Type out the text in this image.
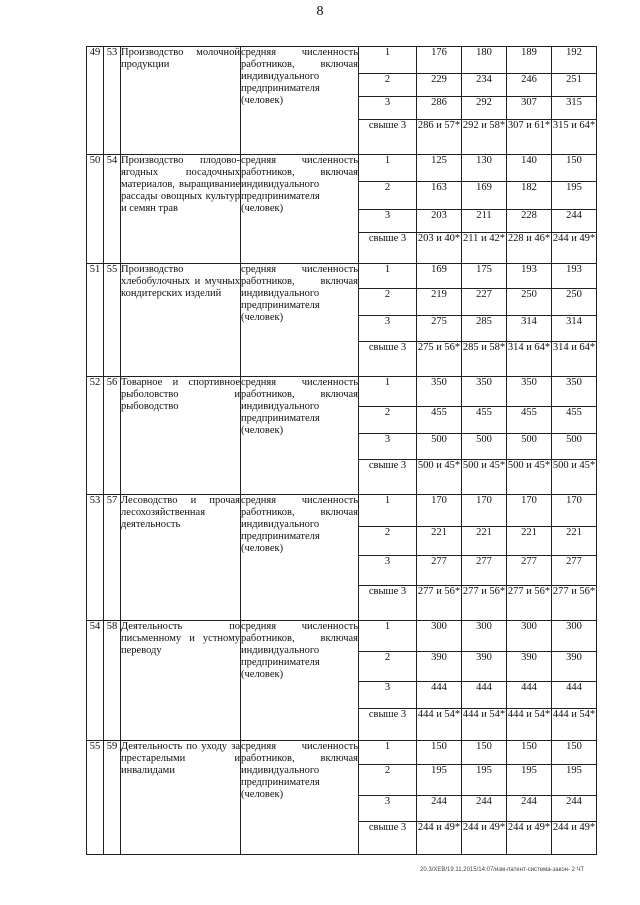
8
49	53	Производство молочной продукции	средняя численность работников, включая индивидуального предпринимателя (человек)	1	176	180	189	192
				2	229	234	246	251
				3	286	292	307	315
				свыше 3	286 и 57*	292 и 58*	307 и 61*	315 и 64*
50	54	Производство плодово-ягодных посадочных материалов, выращивание рассады овощных культур и семян трав	средняя численность работников, включая индивидуального предпринимателя (человек)	1	125	130	140	150
				2	163	169	182	195
				3	203	211	228	244
				свыше 3	203 и 40*	211 и 42*	228 и 46*	244 и 49*
51	55	Производство хлебобулочных и мучных кондитерских изделий	средняя численность работников, включая индивидуального предпринимателя (человек)	1	169	175	193	193
				2	219	227	250	250
				3	275	285	314	314
				свыше 3	275 и 56*	285 и 58*	314 и 64*	314 и 64*
52	56	Товарное и спортивное рыболовство и рыбоводство	средняя численность работников, включая индивидуального предпринимателя (человек)	1	350	350	350	350
				2	455	455	455	455
				3	500	500	500	500
				свыше 3	500 и 45*	500 и 45*	500 и 45*	500 и 45*
53	57	Лесоводство и прочая лесохозяйственная деятельность	средняя численность работников, включая индивидуального предпринимателя (человек)	1	170	170	170	170
				2	221	221	221	221
				3	277	277	277	277
				свыше 3	277 и 56*	277 и 56*	277 и 56*	277 и 56*
54	58	Деятельность по письменному и устному переводу	средняя численность работников, включая индивидуального предпринимателя (человек)	1	300	300	300	300
				2	390	390	390	390
				3	444	444	444	444
				свыше 3	444 и 54*	444 и 54*	444 и 54*	444 и 54*
55	59	Деятельность по уходу за престарелыми и инвалидами	средняя численность работников, включая индивидуального предпринимателя (человек)	1	150	150	150	150
				2	195	195	195	195
				3	244	244	244	244
				свыше 3	244 и 49*	244 и 49*	244 и 49*	244 и 49*
20.3/ХЕВ/19.11.2015/14:07/изм-патент-система-закон- 2 ЧТ
